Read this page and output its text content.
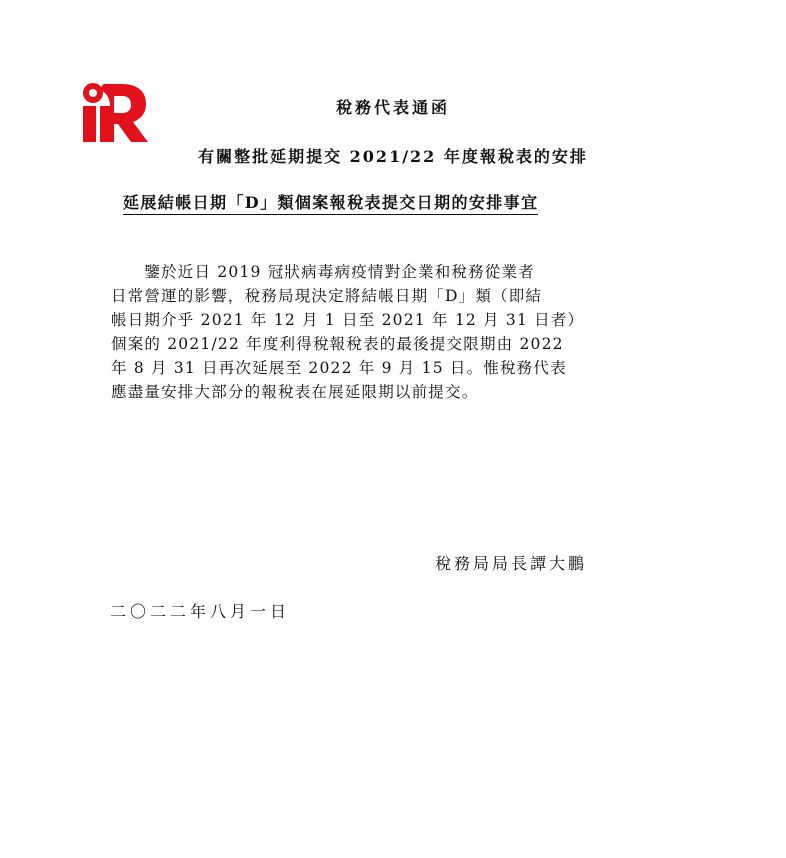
稅務代表通函
有關整批延期提交 2021/22 年度報稅表的安排
延展結帳日期「D」類個案報稅表提交日期的安排事宜
　　鑒於近日 2019 冠狀病毒病疫情對企業和稅務從業者
日常營運的影響，稅務局現決定將結帳日期「D」類（即結
帳日期介乎 2021 年 12 月 1 日至 2021 年 12 月 31 日者）
個案的 2021/22 年度利得稅報稅表的最後提交限期由 2022
年 8 月 31 日再次延展至 2022 年 9 月 15 日。惟稅務代表
應盡量安排大部分的報稅表在展延限期以前提交。
稅務局局長譚大鵬
二〇二二年八月一日
